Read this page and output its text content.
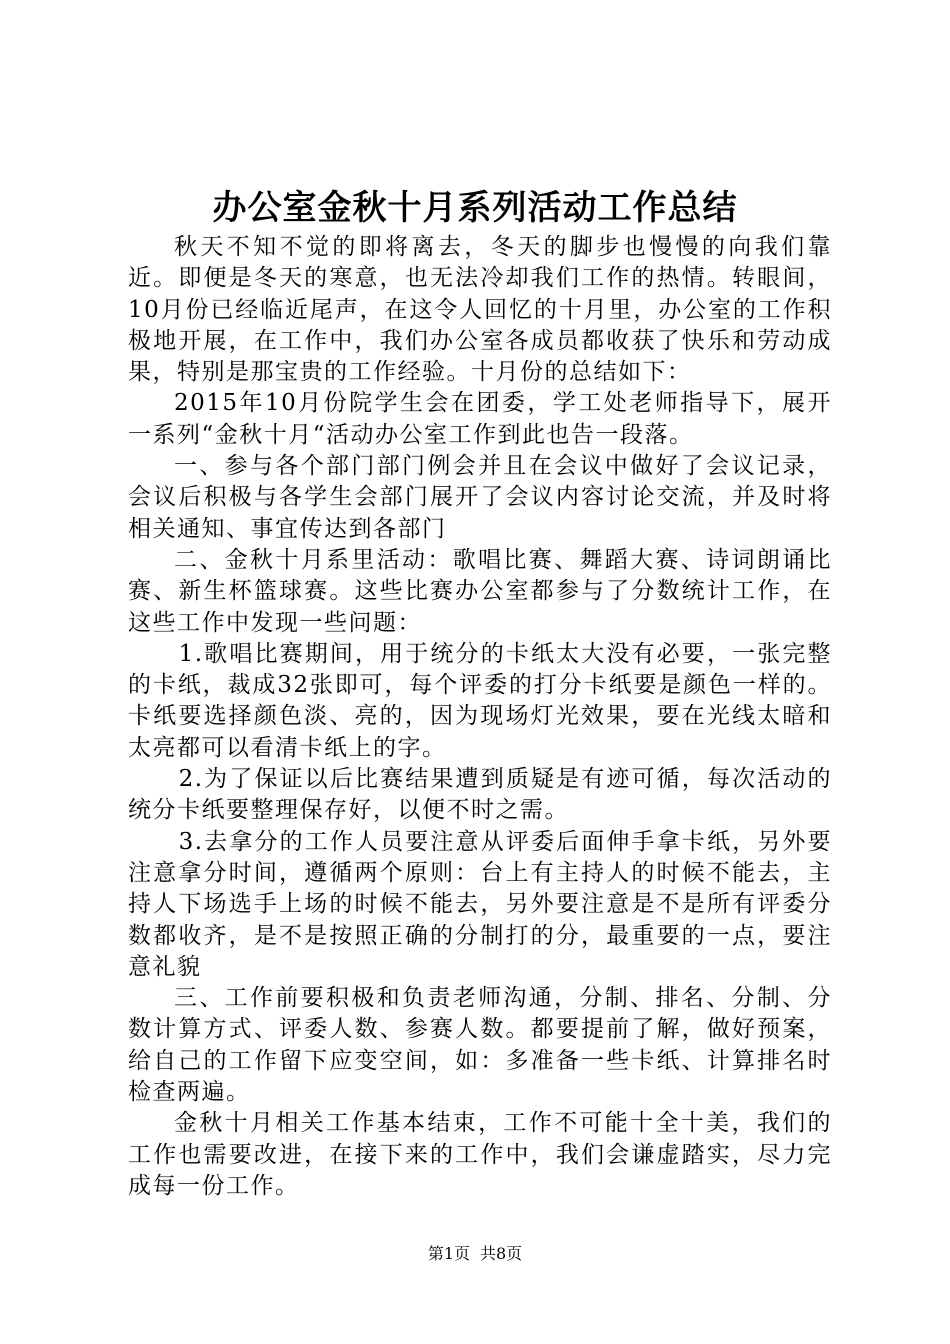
办公室金秋十月系列活动工作总结

秋天不知不觉的即将离去，冬天的脚步也慢慢的向我们靠近。即便是冬天的寒意，也无法冷却我们工作的热情。转眼间，10月份已经临近尾声，在这令人回忆的十月里，办公室的工作积极地开展，在工作中，我们办公室各成员都收获了快乐和劳动成果，特别是那宝贵的工作经验。十月份的总结如下：

2015年10月份院学生会在团委，学工处老师指导下，展开一系列“金秋十月“活动办公室工作到此也告一段落。

一、参与各个部门部门例会并且在会议中做好了会议记录，会议后积极与各学生会部门展开了会议内容讨论交流，并及时将相关通知、事宜传达到各部门

二、金秋十月系里活动：歌唱比赛、舞蹈大赛、诗词朗诵比赛、新生杯篮球赛。这些比赛办公室都参与了分数统计工作，在这些工作中发现一些问题：

1.歌唱比赛期间，用于统分的卡纸太大没有必要，一张完整的卡纸，裁成32张即可，每个评委的打分卡纸要是颜色一样的。卡纸要选择颜色淡、亮的，因为现场灯光效果，要在光线太暗和太亮都可以看清卡纸上的字。

2.为了保证以后比赛结果遭到质疑是有迹可循，每次活动的统分卡纸要整理保存好，以便不时之需。

3.去拿分的工作人员要注意从评委后面伸手拿卡纸，另外要注意拿分时间，遵循两个原则：台上有主持人的时候不能去，主持人下场选手上场的时候不能去，另外要注意是不是所有评委分数都收齐，是不是按照正确的分制打的分，最重要的一点，要注意礼貌

三、工作前要积极和负责老师沟通，分制、排名、分制、分数计算方式、评委人数、参赛人数。都要提前了解，做好预案，给自己的工作留下应变空间，如：多准备一些卡纸、计算排名时检查两遍。

金秋十月相关工作基本结束，工作不可能十全十美，我们的工作也需要改进，在接下来的工作中，我们会谦虚踏实，尽力完成每一份工作。

第1页 共8页
